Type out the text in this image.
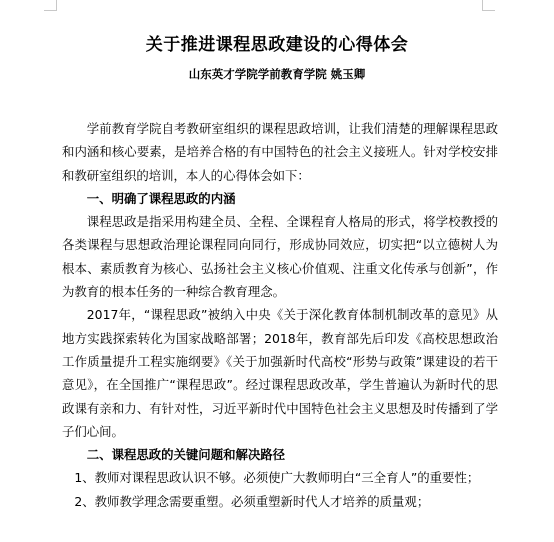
关于推进课程思政建设的心得体会
山东英才学院学前教育学院 姚玉卿

学前教育学院自考教研室组织的课程思政培训，让我们清楚的理解课程思政和内涵和核心要素，是培养合格的有中国特色的社会主义接班人。针对学校安排和教研室组织的培训，本人的心得体会如下：

一、明确了课程思政的内涵

课程思政是指采用构建全员、全程、全课程育人格局的形式，将学校教授的各类课程与思想政治理论课程同向同行，形成协同效应，切实把“以立德树人为根本、素质教育为核心、弘扬社会主义核心价值观、注重文化传承与创新”，作为教育的根本任务的一种综合教育理念。

2017年，“课程思政”被纳入中央《关于深化教育体制机制改革的意见》从地方实践探索转化为国家战略部署；2018年，教育部先后印发《高校思想政治工作质量提升工程实施纲要》《关于加强新时代高校“形势与政策”课建设的若干意见》，在全国推广“课程思政”。经过课程思政改革，学生普遍认为新时代的思政课有亲和力、有针对性，习近平新时代中国特色社会主义思想及时传播到了学子们心间。

二、课程思政的关键问题和解决路径

1、教师对课程思政认识不够。必须使广大教师明白“三全育人”的重要性；

2、教师教学理念需要重塑。必须重塑新时代人才培养的质量观；
